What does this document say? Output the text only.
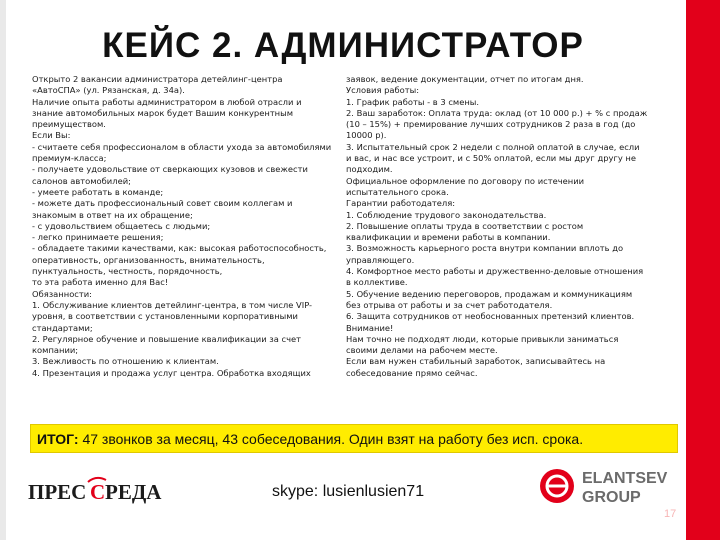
КЕЙС 2. АДМИНИСТРАТОР
Открыто 2 вакансии администратора детейлинг-центра
«АвтоСПА» (ул. Рязанская, д. 34а).
Наличие опыта работы администратором в любой отрасли и
знание автомобильных марок будет Вашим конкурентным
преимуществом.
Если Вы:
- считаете себя профессионалом в области ухода за автомобилями
премиум-класса;
- получаете удовольствие от сверкающих кузовов и свежести
салонов автомобилей;
- умеете работать в команде;
- можете дать профессиональный совет своим коллегам и
знакомым в ответ на их обращение;
- с удовольствием общаетесь с людьми;
- легко принимаете решения;
- обладаете такими качествами, как: высокая работоспособность,
оперативность, организованность, внимательность,
пунктуальность, честность, порядочность,
то эта работа именно для Вас!
Обязанности:
1. Обслуживание клиентов детейлинг-центра, в том числе VIP-
уровня, в соответствии с установленными корпоративными
стандартами;
2. Регулярное обучение и повышение квалификации за счет
компании;
3. Вежливость по отношению к клиентам.
4. Презентация и продажа услуг центра. Обработка входящих
заявок, ведение документации, отчет по итогам дня.
Условия работы:
1. График работы - в 3 смены.
2. Ваш заработок: Оплата труда: оклад (от 10 000 р.) + % с продаж
(10 – 15%) + премирование лучших сотрудников 2 раза в год (до
10000 р).
3. Испытательный срок 2 недели с полной оплатой в случае, если
и вас, и нас все устроит, и с 50% оплатой, если мы друг другу не
подходим.
Официальное оформление по договору по истечении
испытательного срока.
Гарантии работодателя:
1. Соблюдение трудового законодательства.
2. Повышение оплаты труда в соответствии с ростом
квалификации и времени работы в компании.
3. Возможность карьерного роста внутри компании вплоть до
управляющего.
4. Комфортное место работы и дружественно-деловые отношения
в коллективе.
5. Обучение ведению переговоров, продажам и коммуникациям
без отрыва от работы и за счет работодателя.
6. Защита сотрудников от необоснованных претензий клиентов.
Внимание!
Нам точно не подходят люди, которые привыкли заниматься
своими делами на рабочем месте.
Если вам нужен стабильный заработок, записывайтесь на
собеседование прямо сейчас.
ИТОГ: 47 звонков за месяц, 43 собеседования. Один взят на работу без исп. срока.
ПРЕС С РЕДА	skype: lusienlusien71
ELANTSEV
GROUP
17
